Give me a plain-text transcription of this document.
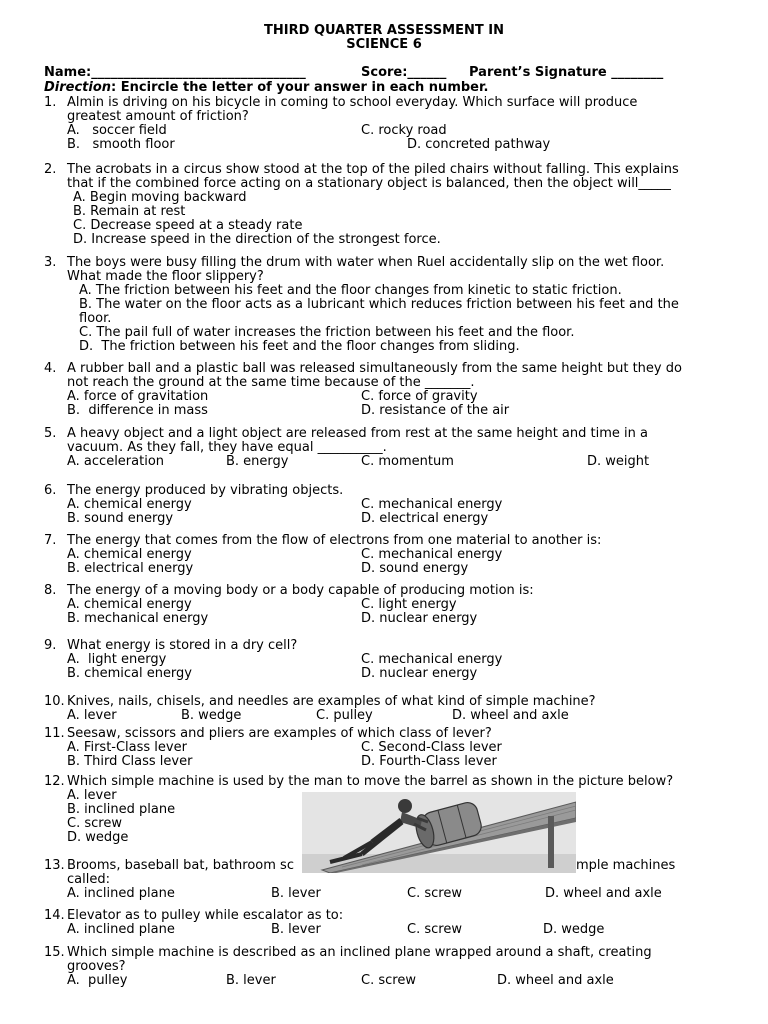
THIRD QUARTER ASSESSMENT IN
SCIENCE 6
Name:_________________________________	Score:______ Parent’s Signature ________
Direction: Encircle the letter of your answer in each number.
1. Almin is driving on his bicycle in coming to school everyday. Which surface will produce
greatest amount of friction?
A.   soccer field	C. rocky road
B.   smooth floor	D. concreted pathway
2. The acrobats in a circus show stood at the top of the piled chairs without falling. This explains
that if the combined force acting on a stationary object is balanced, then the object will_____
A. Begin moving backward
B. Remain at rest
C. Decrease speed at a steady rate
D. Increase speed in the direction of the strongest force.
3. The boys were busy filling the drum with water when Ruel accidentally slip on the wet floor.
What made the floor slippery?
A. The friction between his feet and the floor changes from kinetic to static friction.
B. The water on the floor acts as a lubricant which reduces friction between his feet and the
floor.
C. The pail full of water increases the friction between his feet and the floor.
D.  The friction between his feet and the floor changes from sliding.
4. A rubber ball and a plastic ball was released simultaneously from the same height but they do
not reach the ground at the same time because of the _______.
A. force of gravitation	C. force of gravity
B.  difference in mass	D. resistance of the air
5. A heavy object and a light object are released from rest at the same height and time in a
vacuum. As they fall, they have equal __________.
A. acceleration	B. energy	C. momentum	D. weight
6. The energy produced by vibrating objects.
A. chemical energy	C. mechanical energy
B. sound energy	D. electrical energy
7. The energy that comes from the flow of electrons from one material to another is:
A. chemical energy	C. mechanical energy
B. electrical energy	D. sound energy
8. The energy of a moving body or a body capable of producing motion is:
A. chemical energy	C. light energy
B. mechanical energy	D. nuclear energy
9. What energy is stored in a dry cell?
A.  light energy	C. mechanical energy
B. chemical energy	D. nuclear energy
10. Knives, nails, chisels, and needles are examples of what kind of simple machine?
A. lever	B. wedge	C. pulley	D. wheel and axle
11. Seesaw, scissors and pliers are examples of which class of lever?
A. First-Class lever	C. Second-Class lever
B. Third Class lever	D. Fourth-Class lever
12. Which simple machine is used by the man to move the barrel as shown in the picture below?
A. lever
B. inclined plane
C. screw
D. wedge
13. Brooms, baseball bat, bathroom sc	mple machines
called:
A. inclined plane	B. lever	C. screw	D. wheel and axle
14. Elevator as to pulley while escalator as to:
A. inclined plane	B. lever	C. screw	D. wedge
15. Which simple machine is described as an inclined plane wrapped around a shaft, creating
grooves?
A.  pulley	B. lever	C. screw	D. wheel and axle
